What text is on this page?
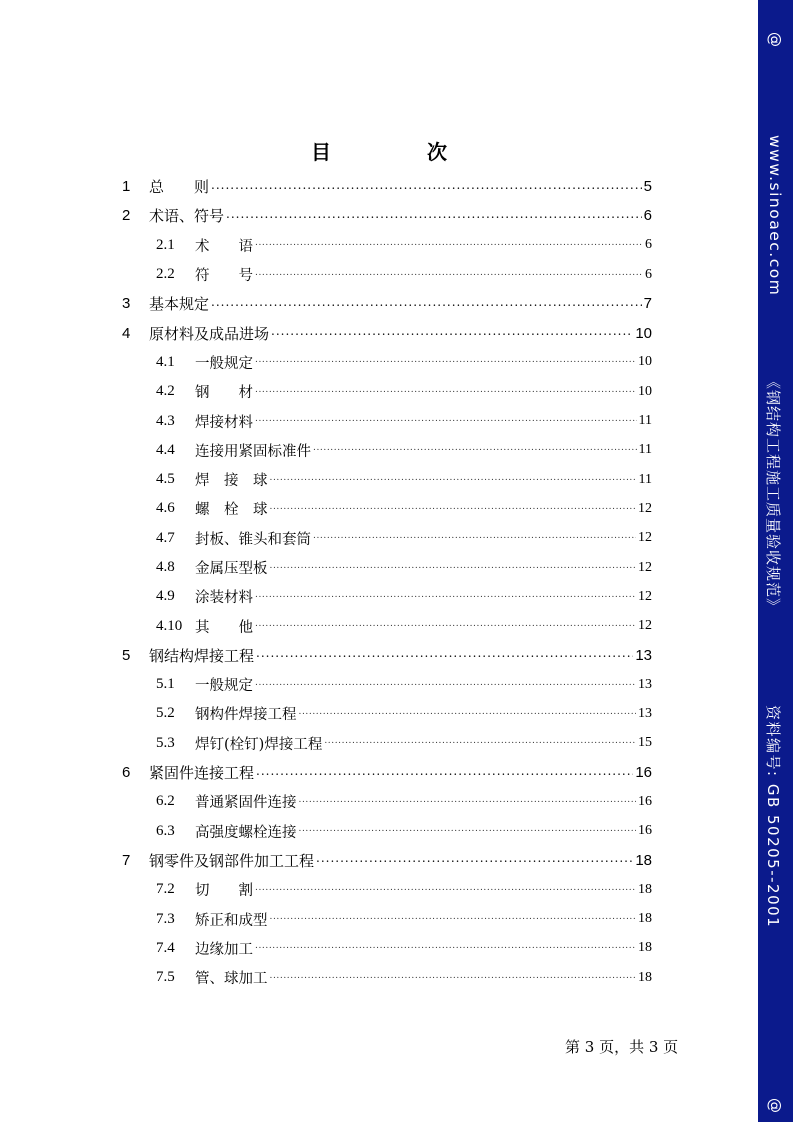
目　次
1	总　　则 .....	5
2	术语、符号 .....	6
2.1	术　　语 .....	6
2.2	符　　号 .....	6
3	基本规定 .....	7
4	原材料及成品进场 .....	10
4.1	一般规定 .....	10
4.2	钢　　材 .....	10
4.3	焊接材料 .....	11
4.4	连接用紧固标准件 .....	11
4.5	焊　接　球 .....	11
4.6	螺　栓　球 .....	12
4.7	封板、锥头和套筒 .....	12
4.8	金属压型板 .....	12
4.9	涂装材料 .....	12
4.10 其　　他 .....	12
5	钢结构焊接工程 .....	13
5.1	一般规定 .....	13
5.2	钢构件焊接工程 .....	13
5.3	焊钉(栓钉)焊接工程 .....	15
6	紧固件连接工程 .....	16
6.2	普通紧固件连接 .....	16
6.3	高强度螺栓连接 .....	16
7	钢零件及钢部件加工工程 .....	18
7.2	切　　割 .....	18
7.3	矫正和成型 .....	18
7.4	边缘加工 .....	18
7.5	管、球加工 .....	18
第 3 页，共 3 页
@
www.sinoaec.com
《钢结构工程施工质量验收规范》
资料编号: GB 50205--2001
@
